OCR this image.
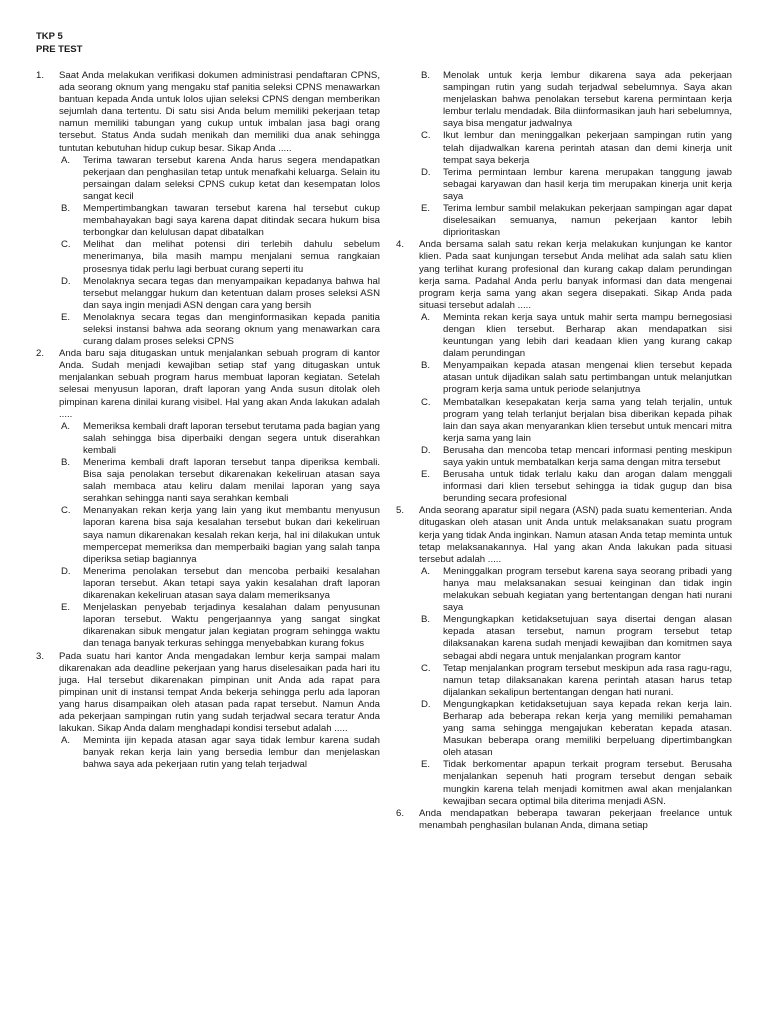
TKP 5
PRE TEST
1. Saat Anda melakukan verifikasi dokumen administrasi pendaftaran CPNS, ada seorang oknum yang mengaku staf panitia seleksi CPNS menawarkan bantuan kepada Anda untuk lolos ujian seleksi CPNS dengan memberikan sejumlah dana tertentu. Di satu sisi Anda belum memiliki pekerjaan tetap namun memiliki tabungan yang cukup untuk imbalan jasa bagi orang tersebut. Status Anda sudah menikah dan memiliki dua anak sehingga tuntutan kebutuhan hidup cukup besar. Sikap Anda .....

A. Terima tawaran tersebut karena Anda harus segera mendapatkan pekerjaan dan penghasilan tetap untuk menafkahi keluarga. Selain itu persaingan dalam seleksi CPNS cukup ketat dan kesempatan lolos sangat kecil

B. Mempertimbangkan tawaran tersebut karena hal tersebut cukup membahayakan bagi saya karena dapat ditindak secara hukum bisa terbongkar dan kelulusan dapat dibatalkan

C. Melihat dan melihat potensi diri terlebih dahulu sebelum menerimanya, bila masih mampu menjalani semua rangkaian prosesnya tidak perlu lagi berbuat curang seperti itu

D. Menolaknya secara tegas dan menyampaikan kepadanya bahwa hal tersebut melanggar hukum dan ketentuan dalam proses seleksi ASN dan saya ingin menjadi ASN dengan cara yang bersih

E. Menolaknya secara tegas dan menginformasikan kepada panitia seleksi instansi bahwa ada seorang oknum yang menawarkan cara curang dalam proses seleksi CPNS

2. Anda baru saja ditugaskan untuk menjalankan sebuah program di kantor Anda. Sudah menjadi kewajiban setiap staf yang ditugaskan untuk menjalankan sebuah program harus membuat laporan kegiatan. Setelah selesai menyusun laporan, draft laporan yang Anda susun ditolak oleh pimpinan karena dinilai kurang visibel. Hal yang akan Anda lakukan adalah .....

A. Memeriksa kembali draft laporan tersebut terutama pada bagian yang salah sehingga bisa diperbaiki dengan segera untuk diserahkan kembali

B. Menerima kembali draft laporan tersebut tanpa diperiksa kembali. Bisa saja penolakan tersebut dikarenakan kekeliruan atasan saya salah membaca atau keliru dalam menilai laporan yang saya serahkan sehingga nanti saya serahkan kembali

C. Menanyakan rekan kerja yang lain yang ikut membantu menyusun laporan karena bisa saja kesalahan tersebut bukan dari kekeliruan saya namun dikarenakan kesalah rekan kerja, hal ini dilakukan untuk mempercepat memeriksa dan memperbaiki bagian yang salah tanpa diperiksa setiap bagiannya

D. Menerima penolakan tersebut dan mencoba perbaiki kesalahan laporan tersebut. Akan tetapi saya yakin kesalahan draft laporan dikarenakan kekeliruan atasan saya dalam memeriksanya

E. Menjelaskan penyebab terjadinya kesalahan dalam penyusunan laporan tersebut. Waktu pengerjaannya yang sangat singkat dikarenakan sibuk mengatur jalan kegiatan program sehingga waktu dan tenaga banyak terkuras sehingga menyebabkan kurang fokus

3. Pada suatu hari kantor Anda mengadakan lembur kerja sampai malam dikarenakan ada deadline pekerjaan yang harus diselesaikan pada hari itu juga. Hal tersebut dikarenakan pimpinan unit Anda ada rapat para pimpinan unit di instansi tempat Anda bekerja sehingga perlu ada laporan yang harus disampaikan oleh atasan pada rapat tersebut. Namun Anda ada pekerjaan sampingan rutin yang sudah terjadwal secara teratur Anda lakukan. Sikap Anda dalam menghadapi kondisi tersebut adalah .....

A. Meminta ijin kepada atasan agar saya tidak lembur karena sudah banyak rekan kerja lain yang bersedia lembur dan menjelaskan bahwa saya ada pekerjaan rutin yang telah terjadwal

B. Menolak untuk kerja lembur dikarena saya ada pekerjaan sampingan rutin yang sudah terjadwal sebelumnya. Saya akan menjelaskan bahwa penolakan tersebut karena permintaan kerja lembur terlalu mendadak. Bila diinformasikan jauh hari sebelumnya, saya bisa mengatur jadwalnya

C. Ikut lembur dan meninggalkan pekerjaan sampingan rutin yang telah dijadwalkan karena perintah atasan dan demi kinerja unit tempat saya bekerja

D. Terima permintaan lembur karena merupakan tanggung jawab sebagai karyawan dan hasil kerja tim merupakan kinerja unit kerja saya

E. Terima lembur sambil melakukan pekerjaan sampingan agar dapat diselesaikan semuanya, namun pekerjaan kantor lebih diprioritaskan

4. Anda bersama salah satu rekan kerja melakukan kunjungan ke kantor klien. Pada saat kunjungan tersebut Anda melihat ada salah satu klien yang terlihat kurang profesional dan kurang cakap dalam perundingan kerja sama. Padahal Anda perlu banyak informasi dan data mengenai program kerja sama yang akan segera disepakati. Sikap Anda pada situasi tersebut adalah .....

A. Meminta rekan kerja saya untuk mahir serta mampu bernegosiasi dengan klien tersebut. Berharap akan mendapatkan sisi keuntungan yang lebih dari keadaan klien yang kurang cakap dalam perundingan

B. Menyampaikan kepada atasan mengenai klien tersebut kepada atasan untuk dijadikan salah satu pertimbangan untuk melanjutkan program kerja sama untuk periode selanjutnya

C. Membatalkan kesepakatan kerja sama yang telah terjalin, untuk program yang telah terlanjut berjalan bisa diberikan kepada pihak lain dan saya akan menyarankan klien tersebut untuk mencari mitra kerja sama yang lain

D. Berusaha dan mencoba tetap mencari informasi penting meskipun saya yakin untuk membatalkan kerja sama dengan mitra tersebut

E. Berusaha untuk tidak terlalu kaku dan arogan dalam menggali informasi dari klien tersebut sehingga ia tidak gugup dan bisa berunding secara profesional

5. Anda seorang aparatur sipil negara (ASN) pada suatu kementerian. Anda ditugaskan oleh atasan unit Anda untuk melaksanakan suatu program kerja yang tidak Anda inginkan. Namun atasan Anda tetap meminta untuk tetap melaksanakannya. Hal yang akan Anda lakukan pada situasi tersebut adalah .....

A. Meninggalkan program tersebut karena saya seorang pribadi yang hanya mau melaksanakan sesuai keinginan dan tidak ingin melakukan sebuah kegiatan yang bertentangan dengan hati nurani saya

B. Mengungkapkan ketidaksetujuan saya disertai dengan alasan kepada atasan tersebut, namun program tersebut tetap dilaksanakan karena sudah menjadi kewajiban dan komitmen saya sebagai abdi negara untuk menjalankan program kantor

C. Tetap menjalankan program tersebut meskipun ada rasa ragu-ragu, namun tetap dilaksanakan karena perintah atasan harus tetap dijalankan sekalipun bertentangan dengan hati nurani.

D. Mengungkapkan ketidaksetujuan saya kepada rekan kerja lain. Berharap ada beberapa rekan kerja yang memiliki pemahaman yang sama sehingga mengajukan keberatan kepada atasan. Masukan beberapa orang memiliki berpeluang dipertimbangkan oleh atasan

E. Tidak berkomentar apapun terkait program tersebut. Berusaha menjalankan sepenuh hati program tersebut dengan sebaik mungkin karena telah menjadi komitmen awal akan menjalankan kewajiban secara optimal bila diterima menjadi ASN.

6. Anda mendapatkan beberapa tawaran pekerjaan freelance untuk menambah penghasilan bulanan Anda, dimana setiap
